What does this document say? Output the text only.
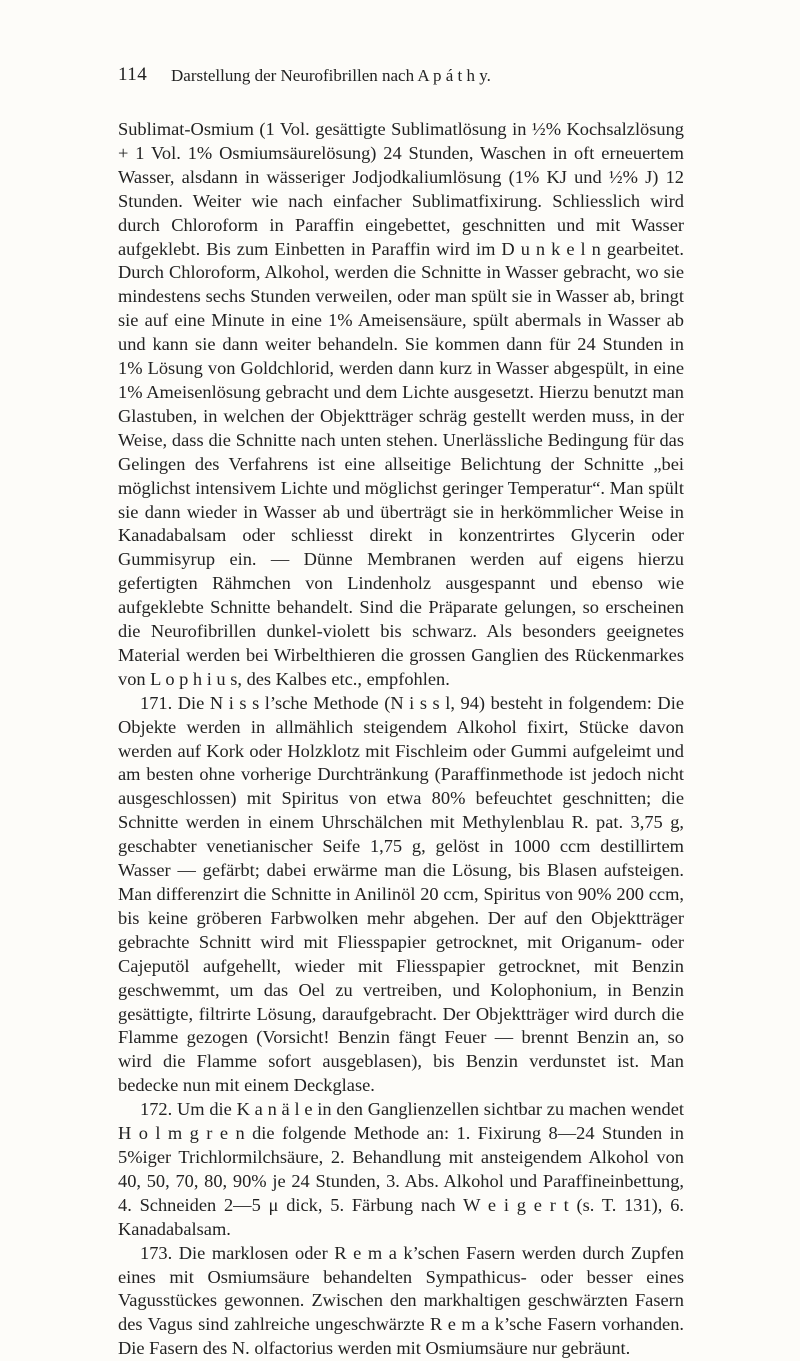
114 Darstellung der Neurofibrillen nach A p á t h y.

Sublimat-Osmium (1 Vol. gesättigte Sublimatlösung in ½% Kochsalzlösung + 1 Vol. 1% Osmiumsäurelösung) 24 Stunden, Waschen in oft erneuertem Wasser, alsdann in wässeriger Jodjodkaliumlösung (1% KJ und ½% J) 12 Stunden. Weiter wie nach einfacher Sublimatfixirung. Schliesslich wird durch Chloroform in Paraffin eingebettet, geschnitten und mit Wasser aufgeklebt. Bis zum Einbetten in Paraffin wird im D u n k e l n gearbeitet. Durch Chloroform, Alkohol, werden die Schnitte in Wasser gebracht, wo sie mindestens sechs Stunden verweilen, oder man spült sie in Wasser ab, bringt sie auf eine Minute in eine 1% Ameisensäure, spült abermals in Wasser ab und kann sie dann weiter behandeln. Sie kommen dann für 24 Stunden in 1% Lösung von Goldchlorid, werden dann kurz in Wasser abgespült, in eine 1% Ameisenlösung gebracht und dem Lichte ausgesetzt. Hierzu benutzt man Glastuben, in welchen der Objektträger schräg gestellt werden muss, in der Weise, dass die Schnitte nach unten stehen. Unerlässliche Bedingung für das Gelingen des Verfahrens ist eine allseitige Belichtung der Schnitte „bei möglichst intensivem Lichte und möglichst geringer Temperatur“. Man spült sie dann wieder in Wasser ab und überträgt sie in herkömmlicher Weise in Kanadabalsam oder schliesst direkt in konzentrirtes Glycerin oder Gummisyrup ein. — Dünne Membranen werden auf eigens hierzu gefertigten Rähmchen von Lindenholz ausgespannt und ebenso wie aufgeklebte Schnitte behandelt. Sind die Präparate gelungen, so erscheinen die Neurofibrillen dunkel-violett bis schwarz. Als besonders geeignetes Material werden bei Wirbelthieren die grossen Ganglien des Rückenmarkes von L o p h i u s, des Kalbes etc., empfohlen.

171. Die N i s s l’sche Methode (N i s s l, 94) besteht in folgendem: Die Objekte werden in allmählich steigendem Alkohol fixirt, Stücke davon werden auf Kork oder Holzklotz mit Fischleim oder Gummi aufgeleimt und am besten ohne vorherige Durchtränkung (Paraffinmethode ist jedoch nicht ausgeschlossen) mit Spiritus von etwa 80% befeuchtet geschnitten; die Schnitte werden in einem Uhrschälchen mit Methylenblau R. pat. 3,75 g, geschabter venetianischer Seife 1,75 g, gelöst in 1000 ccm destillirtem Wasser — gefärbt; dabei erwärme man die Lösung, bis Blasen aufsteigen. Man differenzirt die Schnitte in Anilinöl 20 ccm, Spiritus von 90% 200 ccm, bis keine gröberen Farbwolken mehr abgehen. Der auf den Objektträger gebrachte Schnitt wird mit Fliesspapier getrocknet, mit Origanum- oder Cajeputöl aufgehellt, wieder mit Fliesspapier getrocknet, mit Benzin geschwemmt, um das Oel zu vertreiben, und Kolophonium, in Benzin gesättigte, filtrirte Lösung, daraufgebracht. Der Objektträger wird durch die Flamme gezogen (Vorsicht! Benzin fängt Feuer — brennt Benzin an, so wird die Flamme sofort ausgeblasen), bis Benzin verdunstet ist. Man bedecke nun mit einem Deckglase.

172. Um die K a n ä l e in den Ganglienzellen sichtbar zu machen wendet H o l m g r e n die folgende Methode an: 1. Fixirung 8—24 Stunden in 5%iger Trichlormilchsäure, 2. Behandlung mit ansteigendem Alkohol von 40, 50, 70, 80, 90% je 24 Stunden, 3. Abs. Alkohol und Paraffineinbettung, 4. Schneiden 2—5 μ dick, 5. Färbung nach W e i g e r t (s. T. 131), 6. Kanadabalsam.

173. Die marklosen oder R e m a k’schen Fasern werden durch Zupfen eines mit Osmiumsäure behandelten Sympathicus- oder besser eines Vagusstückes gewonnen. Zwischen den markhaltigen geschwärzten Fasern des Vagus sind zahlreiche ungeschwärzte R e m a k’sche Fasern vorhanden. Die Fasern des N. olfactorius werden mit Osmiumsäure nur gebräunt.
